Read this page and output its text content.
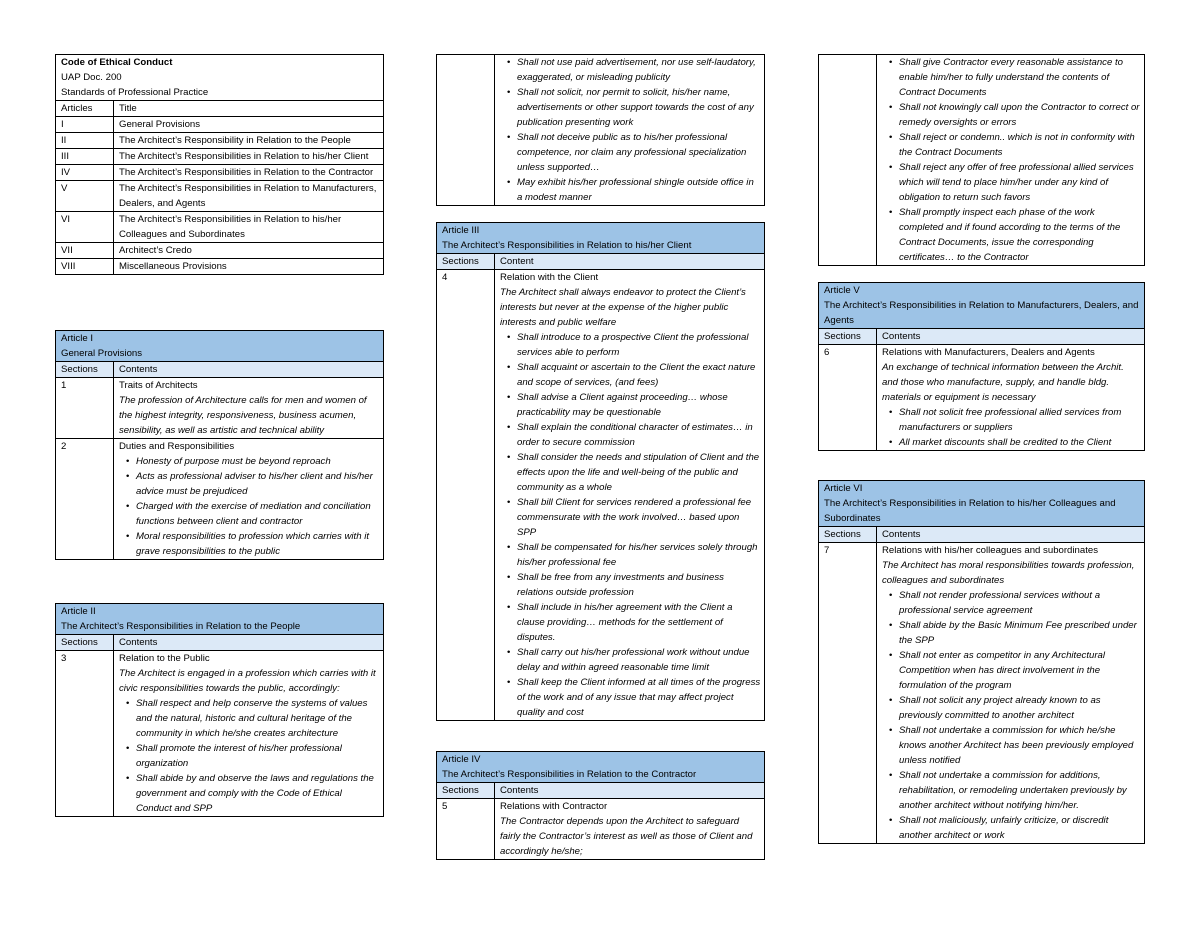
Code of Ethical Conduct
UAP Doc. 200
Standards of Professional Practice
Articles	Title
I	General Provisions
II	The Architect’s Responsibility in Relation to the People
III	The Architect’s Responsibilities in Relation to his/her Client
IV	The Architect’s Responsibilities in Relation to the Contractor
V	The Architect’s Responsibilities in Relation to Manufacturers, Dealers, and Agents
VI	The Architect’s Responsibilities in Relation to his/her Colleagues and Subordinates
VII	Architect’s Credo
VIII	Miscellaneous Provisions
Article I
General Provisions
Sections	Contents
1	Traits of Architects
The profession of Architecture calls for men and women of the highest integrity, responsiveness, business acumen, sensibility, as well as artistic and technical ability
2	Duties and Responsibilities
• Honesty of purpose must be beyond reproach
• Acts as professional adviser to his/her client and his/her advice must be prejudiced
• Charged with the exercise of mediation and conciliation functions between client and contractor
• Moral responsibilities to profession which carries with it grave responsibilities to the public
Article II
The Architect’s Responsibilities in Relation to the People
Sections	Contents
3	Relation to the Public
The Architect is engaged in a profession which carries with it civic responsibilities towards the public, accordingly:
• Shall respect and help conserve the systems of values and the natural, historic and cultural heritage of the community in which he/she creates architecture
• Shall promote the interest of his/her professional organization
• Shall abide by and observe the laws and regulations the government and comply with the Code of Ethical Conduct and SPP
• Shall not use paid advertisement, nor use self-laudatory, exaggerated, or misleading publicity
• Shall not solicit, nor permit to solicit, his/her name, advertisements or other support towards the cost of any publication presenting work
• Shall not deceive public as to his/her professional competence, nor claim any professional specialization unless supported…
• May exhibit his/her professional shingle outside office in a modest manner
Article III
The Architect’s Responsibilities in Relation to his/her Client
Sections	Content
4	Relation with the Client
The Architect shall always endeavor to protect the Client’s interests but never at the expense of the higher public interests and public welfare
• Shall introduce to a prospective Client the professional services able to perform
• Shall acquaint or ascertain to the Client the exact nature and scope of services, (and fees)
• Shall advise a Client against proceeding… whose practicability may be questionable
• Shall explain the conditional character of estimates… in order to secure commission
• Shall consider the needs and stipulation of Client and the effects upon the life and well-being of the public and community as a whole
• Shall bill Client for services rendered a professional fee commensurate with the work involved… based upon SPP
• Shall be compensated for his/her services solely through his/her professional fee
• Shall be free from any investments and business relations outside profession
• Shall include in his/her agreement with the Client a clause providing… methods for the settlement of disputes.
• Shall carry out his/her professional work without undue delay and within agreed reasonable time limit
• Shall keep the Client informed at all times of the progress of the work and of any issue that may affect project quality and cost
Article IV
The Architect’s Responsibilities in Relation to the Contractor
Sections	Contents
5	Relations with Contractor
The Contractor depends upon the Architect to safeguard fairly the Contractor’s interest as well as those of Client and accordingly he/she;
• Shall give Contractor every reasonable assistance to enable him/her to fully understand the contents of Contract Documents
• Shall not knowingly call upon the Contractor to correct or remedy oversights or errors
• Shall reject or condemn.. which is not in conformity with the Contract Documents
• Shall reject any offer of free professional allied services which will tend to place him/her under any kind of obligation to return such favors
• Shall promptly inspect each phase of the work completed and if found according to the terms of the Contract Documents, issue the corresponding certificates… to the Contractor
Article V
The Architect’s Responsibilities in Relation to Manufacturers, Dealers, and Agents
Sections	Contents
6	Relations with Manufacturers, Dealers and Agents
An exchange of technical information between the Archit. and those who manufacture, supply, and handle bldg. materials or equipment is necessary
• Shall not solicit free professional allied services from manufacturers or suppliers
• All market discounts shall be credited to the Client
Article VI
The Architect’s Responsibilities in Relation to his/her Colleagues and Subordinates
Sections	Contents
7	Relations with his/her colleagues and subordinates
The Architect has moral responsibilities towards profession, colleagues and subordinates
• Shall not render professional services without a professional service agreement
• Shall abide by the Basic Minimum Fee prescribed under the SPP
• Shall not enter as competitor in any Architectural Competition when has direct involvement in the formulation of the program
• Shall not solicit any project already known to as previously committed to another architect
• Shall not undertake a commission for which he/she knows another Architect has been previously employed unless notified
• Shall not undertake a commission for additions, rehabilitation, or remodeling undertaken previously by another architect without notifying him/her.
• Shall not maliciously, unfairly criticize, or discredit another architect or work
